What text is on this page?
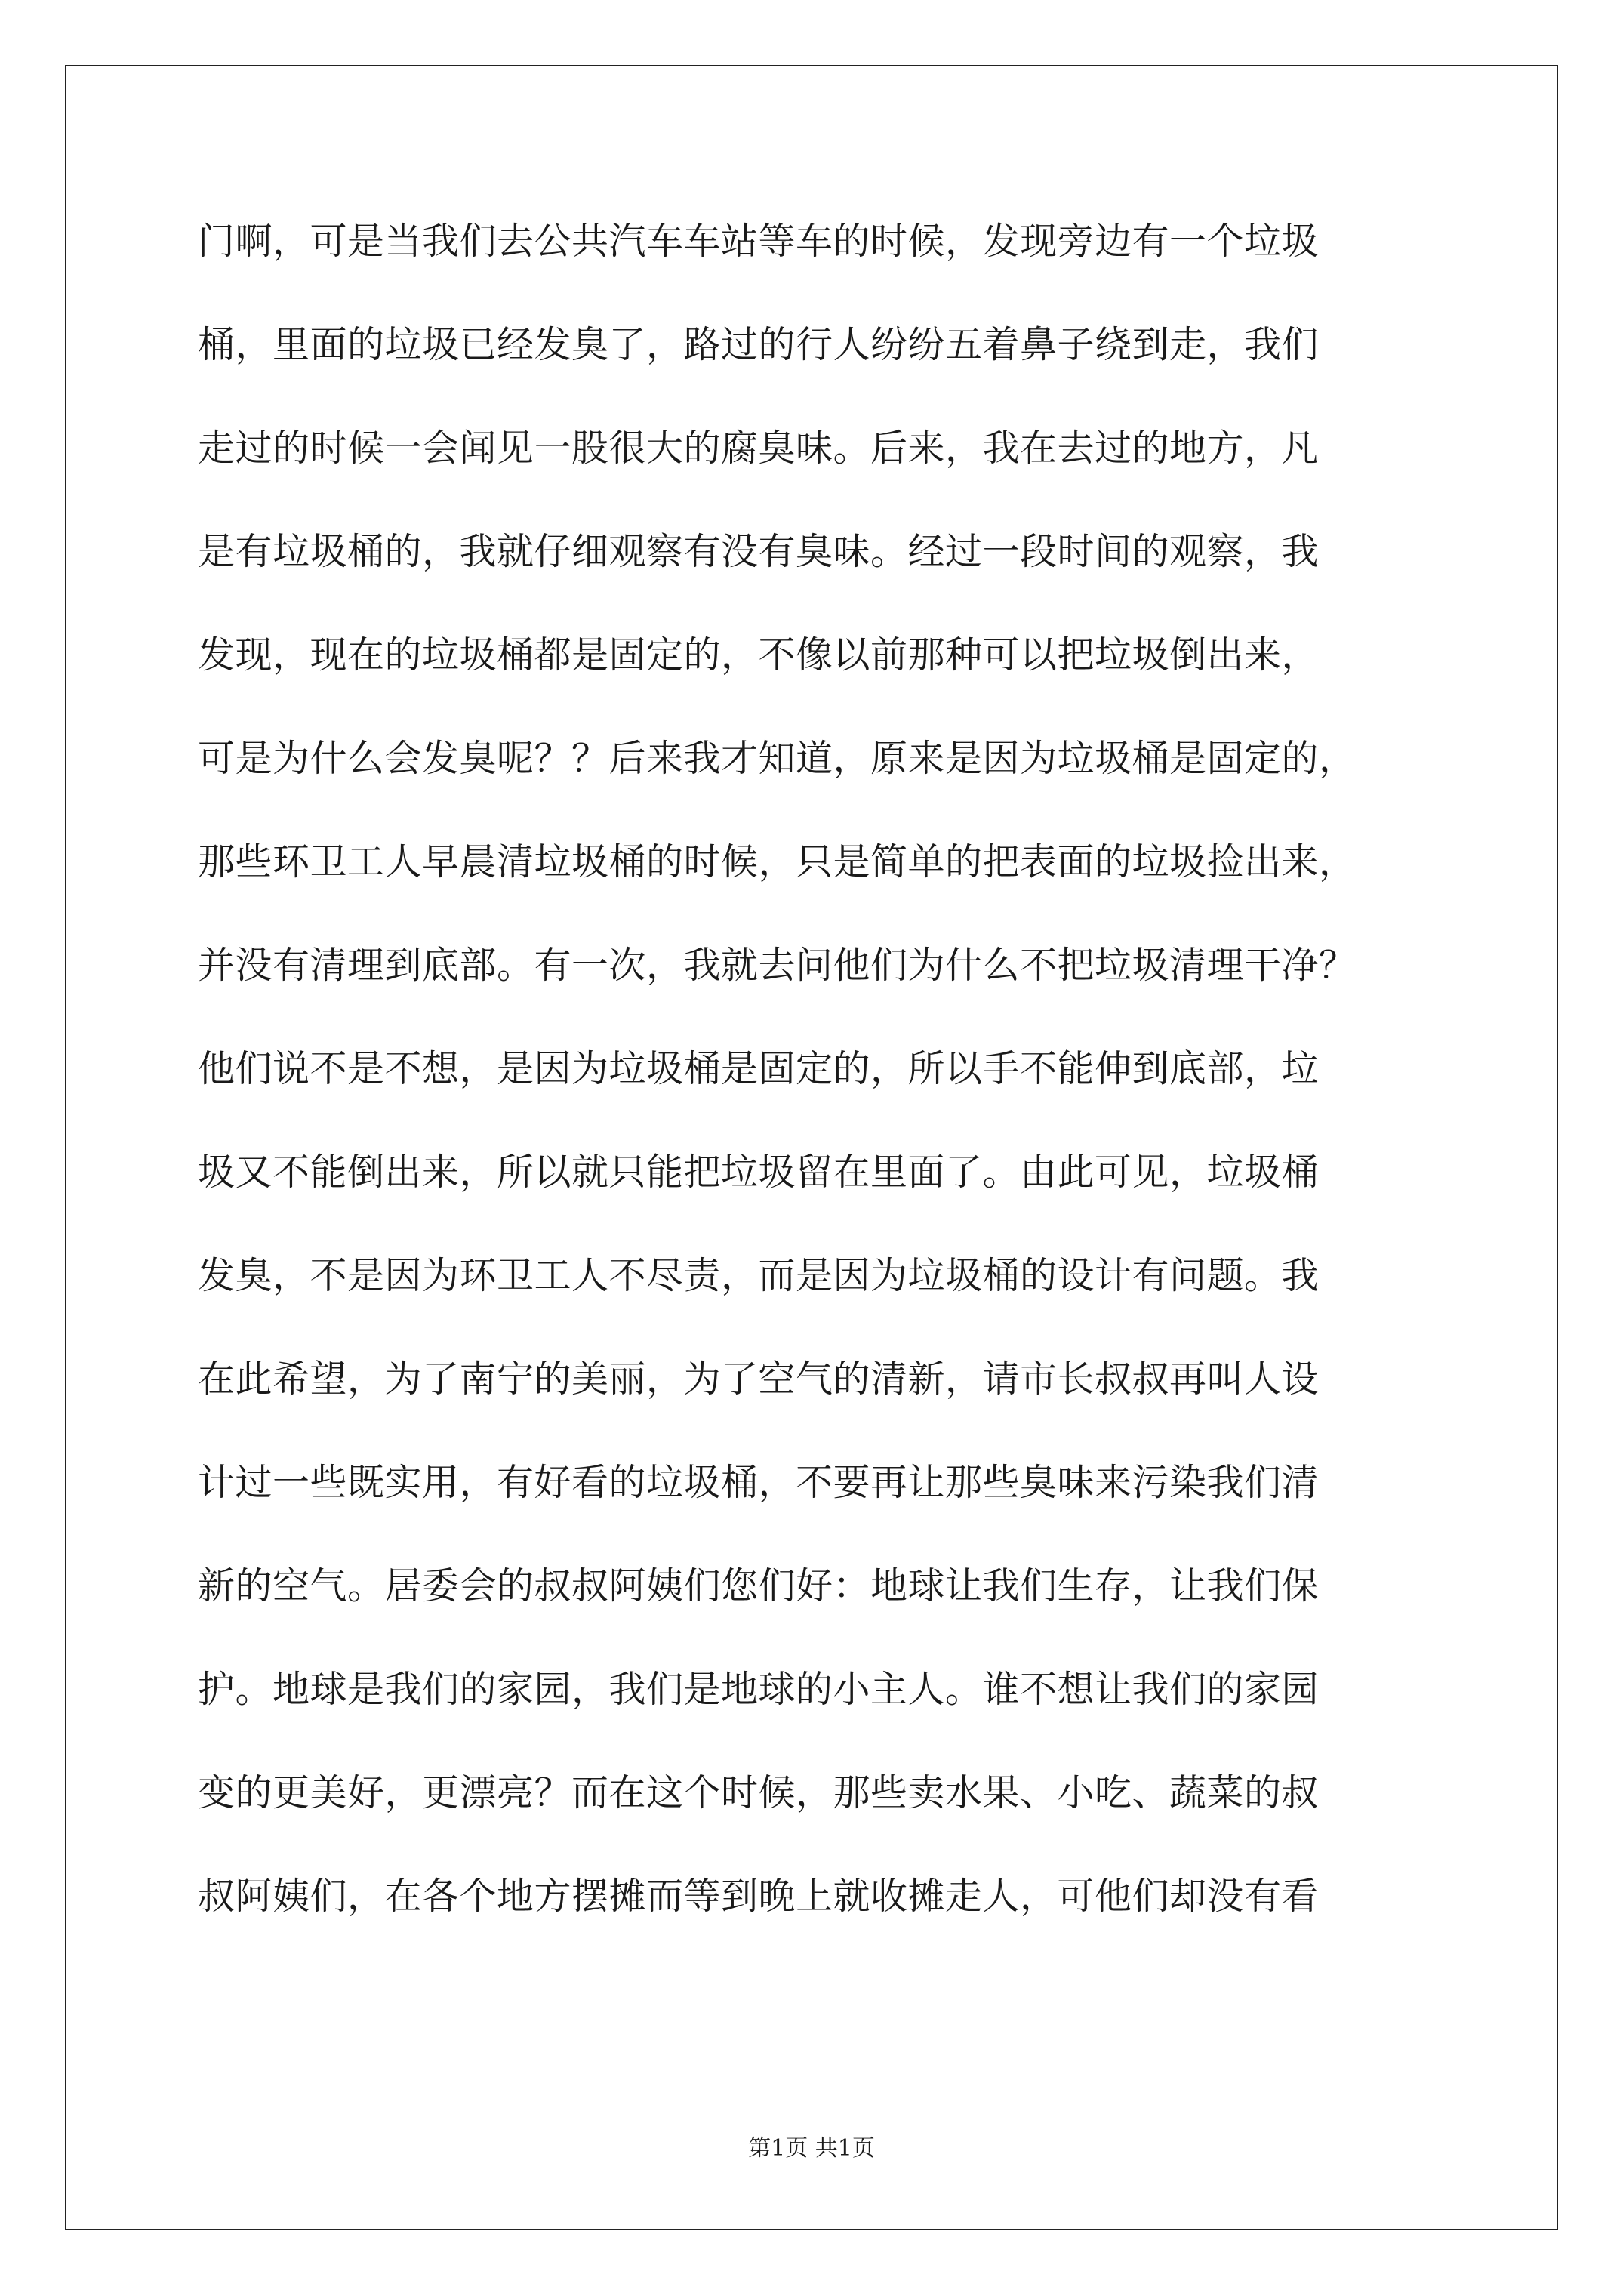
门啊，可是当我们去公共汽车车站等车的时候，发现旁边有一个垃圾
桶，里面的垃圾已经发臭了，路过的行人纷纷五着鼻子绕到走，我们
走过的时候一会闻见一股很大的腐臭味。后来，我在去过的地方，凡
是有垃圾桶的，我就仔细观察有没有臭味。经过一段时间的观察，我
发现，现在的垃圾桶都是固定的，不像以前那种可以把垃圾倒出来，
可是为什么会发臭呢？？后来我才知道，原来是因为垃圾桶是固定的，
那些环卫工人早晨清垃圾桶的时候，只是简单的把表面的垃圾捡出来，
并没有清理到底部。有一次，我就去问他们为什么不把垃圾清理干净？
他们说不是不想，是因为垃圾桶是固定的，所以手不能伸到底部，垃
圾又不能倒出来，所以就只能把垃圾留在里面了。由此可见，垃圾桶
发臭，不是因为环卫工人不尽责，而是因为垃圾桶的设计有问题。我
在此希望，为了南宁的美丽，为了空气的清新，请市长叔叔再叫人设
计过一些既实用，有好看的垃圾桶，不要再让那些臭味来污染我们清
新的空气。居委会的叔叔阿姨们您们好：地球让我们生存，让我们保
护。地球是我们的家园，我们是地球的小主人。谁不想让我们的家园
变的更美好，更漂亮？而在这个时候，那些卖水果、小吃、蔬菜的叔
叔阿姨们，在各个地方摆摊而等到晚上就收摊走人，可他们却没有看
第1页 共1页
